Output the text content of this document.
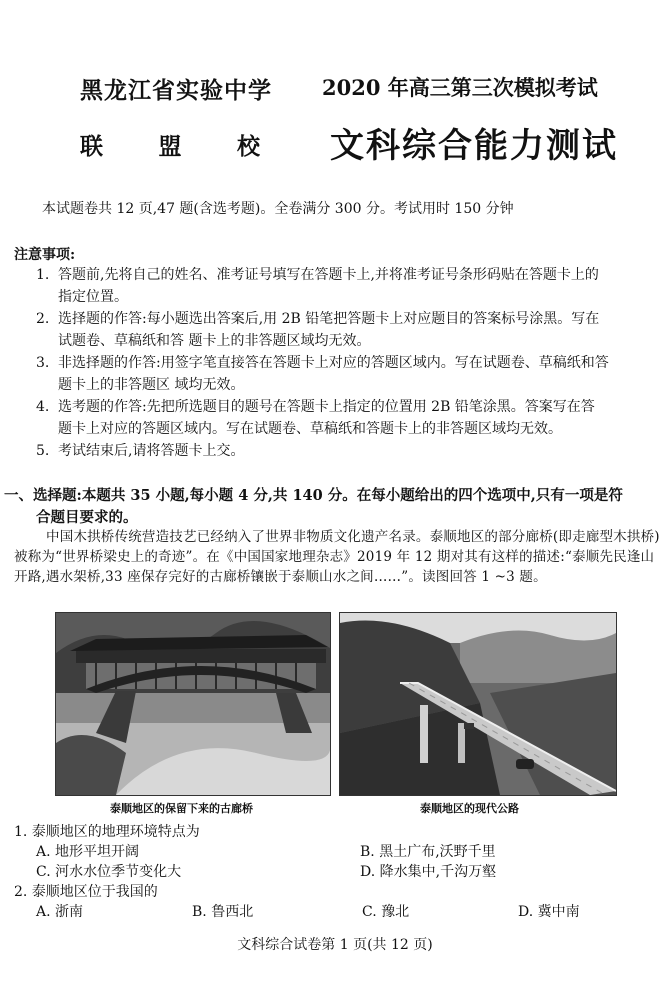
黑龙江省实验中学
联 盟 校
2020 年高三第三次模拟考试
文科综合能力测试
本试题卷共 12 页,47 题(含选考题)。全卷满分 300 分。考试用时 150 分钟
注意事项:
1. 答题前,先将自己的姓名、准考证号填写在答题卡上,并将准考证号条形码贴在答题卡上的
指定位置。
2. 选择题的作答:每小题选出答案后,用 2B 铅笔把答题卡上对应题目的答案标号涂黑。写在
试题卷、草稿纸和答 题卡上的非答题区域均无效。
3. 非选择题的作答:用签字笔直接答在答题卡上对应的答题区域内。写在试题卷、草稿纸和答
题卡上的非答题区 域均无效。
4. 选考题的作答:先把所选题目的题号在答题卡上指定的位置用 2B 铅笔涂黑。答案写在答
题卡上对应的答题区域内。写在试题卷、草稿纸和答题卡上的非答题区域均无效。
5. 考试结束后,请将答题卡上交。
一、选择题:本题共 35 小题,每小题 4 分,共 140 分。在每小题给出的四个选项中,只有一项是符
合题目要求的。
中国木拱桥传统营造技艺已经纳入了世界非物质文化遗产名录。泰顺地区的部分廊桥(即走廊型木拱桥)被称为“世界桥梁史上的奇迹”。在《中国国家地理杂志》2019 年 12 期对其有这样的描述:“泰顺先民逢山开路,遇水架桥,33 座保存完好的古廊桥镶嵌于泰顺山水之间……”。读图回答 1 ~3 题。
泰顺地区的保留下来的古廊桥	泰顺地区的现代公路
1. 泰顺地区的地理环境特点为
A. 地形平坦开阔	B. 黑土广布,沃野千里
C. 河水水位季节变化大	D. 降水集中,千沟万壑
2. 泰顺地区位于我国的
A. 浙南	B. 鲁西北	C. 豫北	D. 冀中南
文科综合试卷第 1 页(共 12 页)
